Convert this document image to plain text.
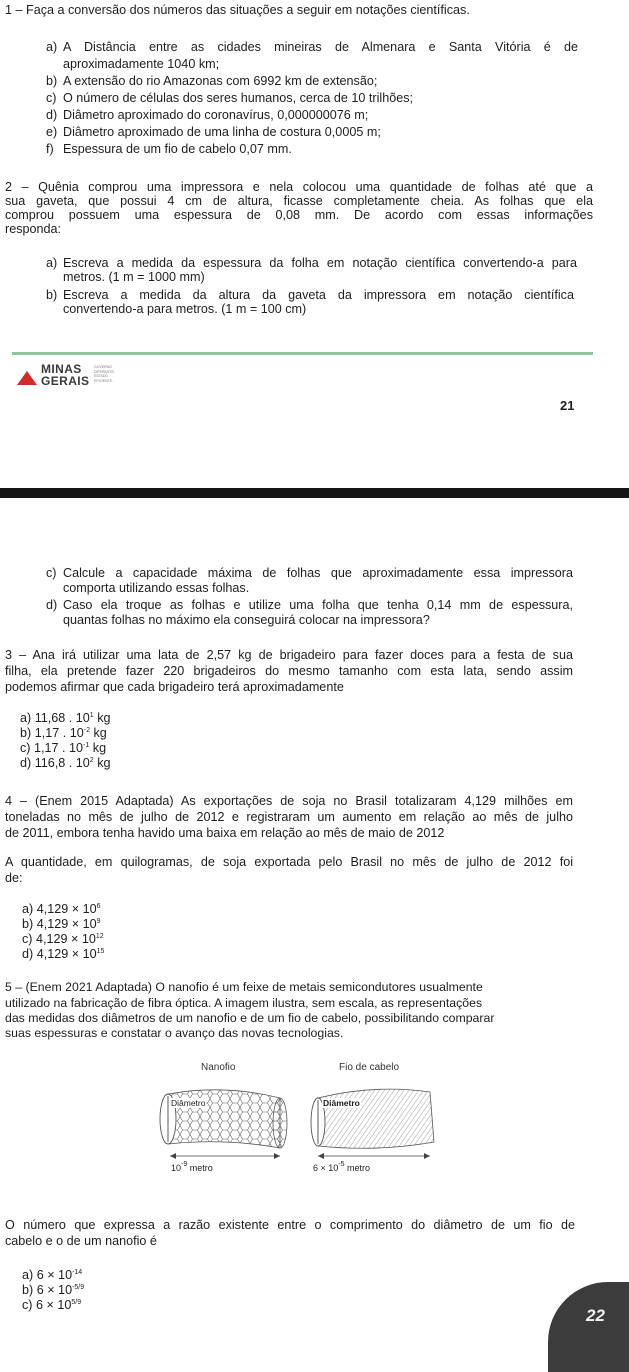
1 – Faça a conversão dos números das situações a seguir em notações científicas.
a) A Distância entre as cidades mineiras de Almenara e Santa Vitória é de
aproximadamente 1040 km;
b) A extensão do rio Amazonas com 6992 km de extensão;
c) O número de células dos seres humanos, cerca de 10 trilhões;
d) Diâmetro aproximado do coronavírus, 0,000000076 m;
e) Diâmetro aproximado de uma linha de costura 0,0005 m;
f) Espessura de um fio de cabelo 0,07 mm.
2 – Quênia comprou uma impressora e nela colocou uma quantidade de folhas até que a
sua gaveta, que possui 4 cm de altura, ficasse completamente cheia. As folhas que ela
comprou possuem uma espessura de 0,08 mm. De acordo com essas informações
responda:
a) Escreva a medida da espessura da folha em notação científica convertendo-a para
metros. (1 m = 1000 mm)
b) Escreva a medida da altura da gaveta da impressora em notação científica
convertendo-a para metros. (1 m = 100 cm)
MINAS
GERAIS
GOVERNO DIFERENTE. ESTADO EFICIENTE.
21
c) Calcule a capacidade máxima de folhas que aproximadamente essa impressora
comporta utilizando essas folhas.
d) Caso ela troque as folhas e utilize uma folha que tenha 0,14 mm de espessura,
quantas folhas no máximo ela conseguirá colocar na impressora?
3 – Ana irá utilizar uma lata de 2,57 kg de brigadeiro para fazer doces para a festa de sua
filha, ela pretende fazer 220 brigadeiros do mesmo tamanho com esta lata, sendo assim
podemos afirmar que cada brigadeiro terá aproximadamente
a) 11,68 . $10^1$ kg
b) 1,17 . $10^{-2}$ kg
c) 1,17 . $10^{-1}$ kg
d) 116,8 . $10^2$ kg
4 – (Enem 2015 Adaptada) As exportações de soja no Brasil totalizaram 4,129 milhões em
toneladas no mês de julho de 2012 e registraram um aumento em relação ao mês de julho
de 2011, embora tenha havido uma baixa em relação ao mês de maio de 2012
A quantidade, em quilogramas, de soja exportada pelo Brasil no mês de julho de 2012 foi
de:
a) $4,129 \times 10^6$
b) $4,129 \times 10^9$
c) $4,129 \times 10^{12}$
d) $4,129 \times 10^{15}$
5 – (Enem 2021 Adaptada) O nanofio é um feixe de metais semicondutores usualmente
utilizado na fabricação de fibra óptica. A imagem ilustra, sem escala, as representações
das medidas dos diâmetros de um nanofio e de um fio de cabelo, possibilitando comparar
suas espessuras e constatar o avanço das novas tecnologias.
Nanofio	Fio de cabelo
Diâmetro	Diâmetro
$10^{-9}$ metro	$6 \times 10^{-5}$ metro
O número que expressa a razão existente entre o comprimento do diâmetro de um fio de
cabelo e o de um nanofio é
a) $6 \times 10^{-14}$
b) $6 \times 10^{-5/9}$
c) $6 \times 10^{5/9}$
22
